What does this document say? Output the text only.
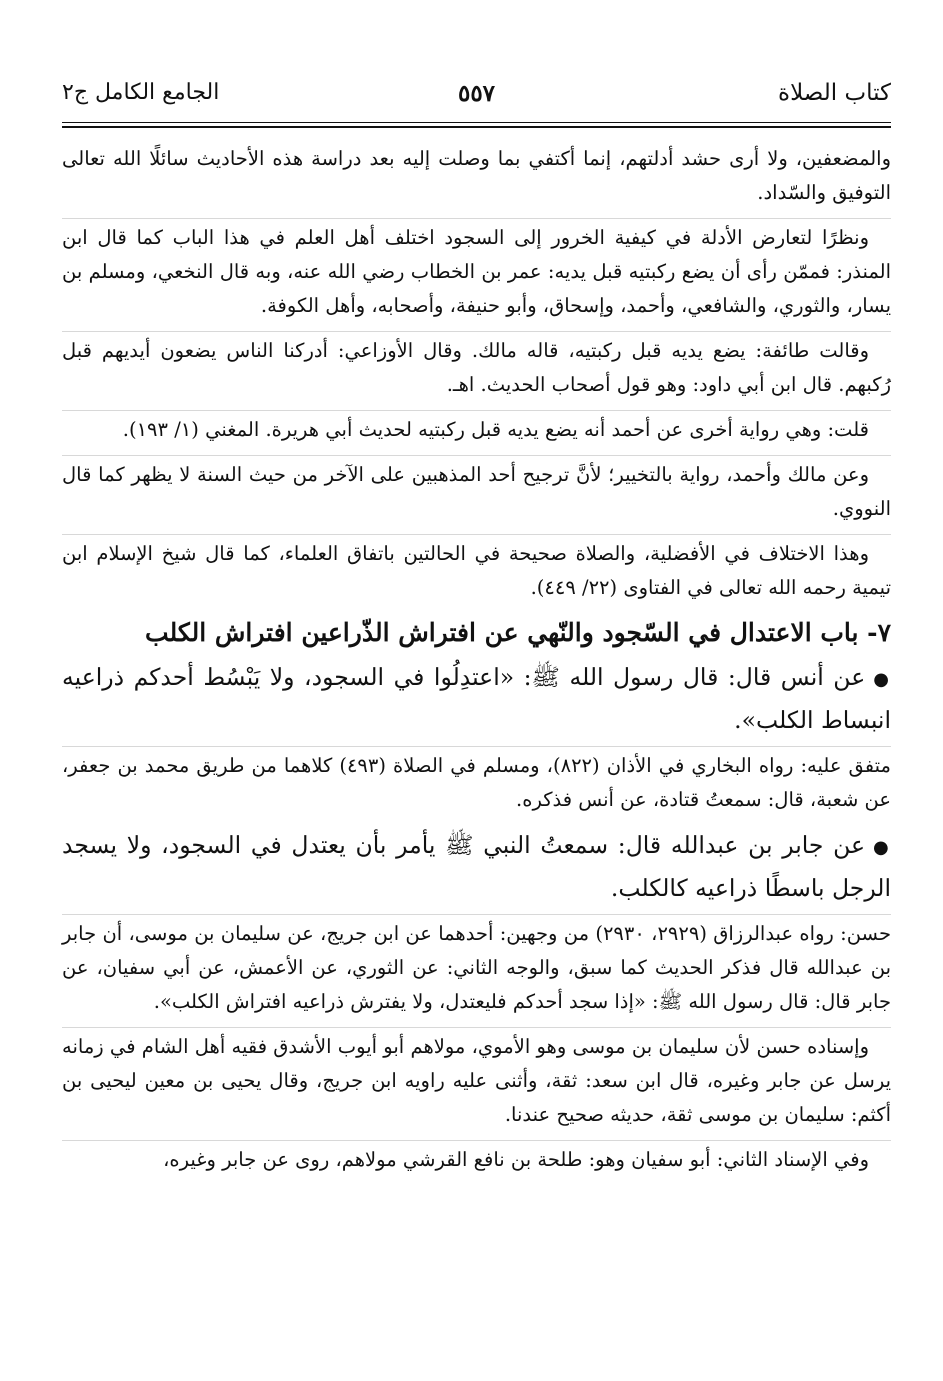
كتاب الصلاة
٥٥٧
الجامع الكامل ج٢

والمضعفين، ولا أرى حشد أدلتهم، إنما أكتفي بما وصلت إليه بعد دراسة هذه الأحاديث سائلًا الله تعالى التوفيق والسّداد.

ونظرًا لتعارض الأدلة في كيفية الخرور إلى السجود اختلف أهل العلم في هذا الباب كما قال ابن المنذر: فممّن رأى أن يضع ركبتيه قبل يديه: عمر بن الخطاب رضي الله عنه، وبه قال النخعي، ومسلم بن يسار، والثوري، والشافعي، وأحمد، وإسحاق، وأبو حنيفة، وأصحابه، وأهل الكوفة.

وقالت طائفة: يضع يديه قبل ركبتيه، قاله مالك. وقال الأوزاعي: أدركنا الناس يضعون أيديهم قبل رُكبهم. قال ابن أبي داود: وهو قول أصحاب الحديث. اهـ.

قلت: وهي رواية أخرى عن أحمد أنه يضع يديه قبل ركبتيه لحديث أبي هريرة. المغني (١/ ١٩٣).

وعن مالك وأحمد، رواية بالتخيير؛ لأنَّ ترجيح أحد المذهبين على الآخر من حيث السنة لا يظهر كما قال النووي.

وهذا الاختلاف في الأفضلية، والصلاة صحيحة في الحالتين باتفاق العلماء، كما قال شيخ الإسلام ابن تيمية رحمه الله تعالى في الفتاوى (٢٢/ ٤٤٩).

٧- باب الاعتدال في السّجود والنّهي عن افتراش الذّراعين افتراش الكلب

●عن أنس قال: قال رسول الله ﷺ: «اعتدِلُوا في السجود، ولا يَبْسُط أحدكم ذراعيه انبساط الكلب».

متفق عليه: رواه البخاري في الأذان (٨٢٢)، ومسلم في الصلاة (٤٩٣) كلاهما من طريق محمد بن جعفر، عن شعبة، قال: سمعتُ قتادة، عن أنس فذكره.

●عن جابر بن عبدالله قال: سمعتُ النبي ﷺ يأمر بأن يعتدل في السجود، ولا يسجد الرجل باسطًا ذراعيه كالكلب.

حسن: رواه عبدالرزاق (٢٩٢٩، ٢٩٣٠) من وجهين: أحدهما عن ابن جريج، عن سليمان بن موسى، أن جابر بن عبدالله قال فذكر الحديث كما سبق، والوجه الثاني: عن الثوري، عن الأعمش، عن أبي سفيان، عن جابر قال: قال رسول الله ﷺ: «إذا سجد أحدكم فليعتدل، ولا يفترش ذراعيه افتراش الكلب».

وإسناده حسن لأن سليمان بن موسى وهو الأموي، مولاهم أبو أيوب الأشدق فقيه أهل الشام في زمانه يرسل عن جابر وغيره، قال ابن سعد: ثقة، وأثنى عليه راويه ابن جريج، وقال يحيى بن معين ليحيى بن أكثم: سليمان بن موسى ثقة، حديثه صحيح عندنا.

وفي الإسناد الثاني: أبو سفيان وهو: طلحة بن نافع القرشي مولاهم، روى عن جابر وغيره،
